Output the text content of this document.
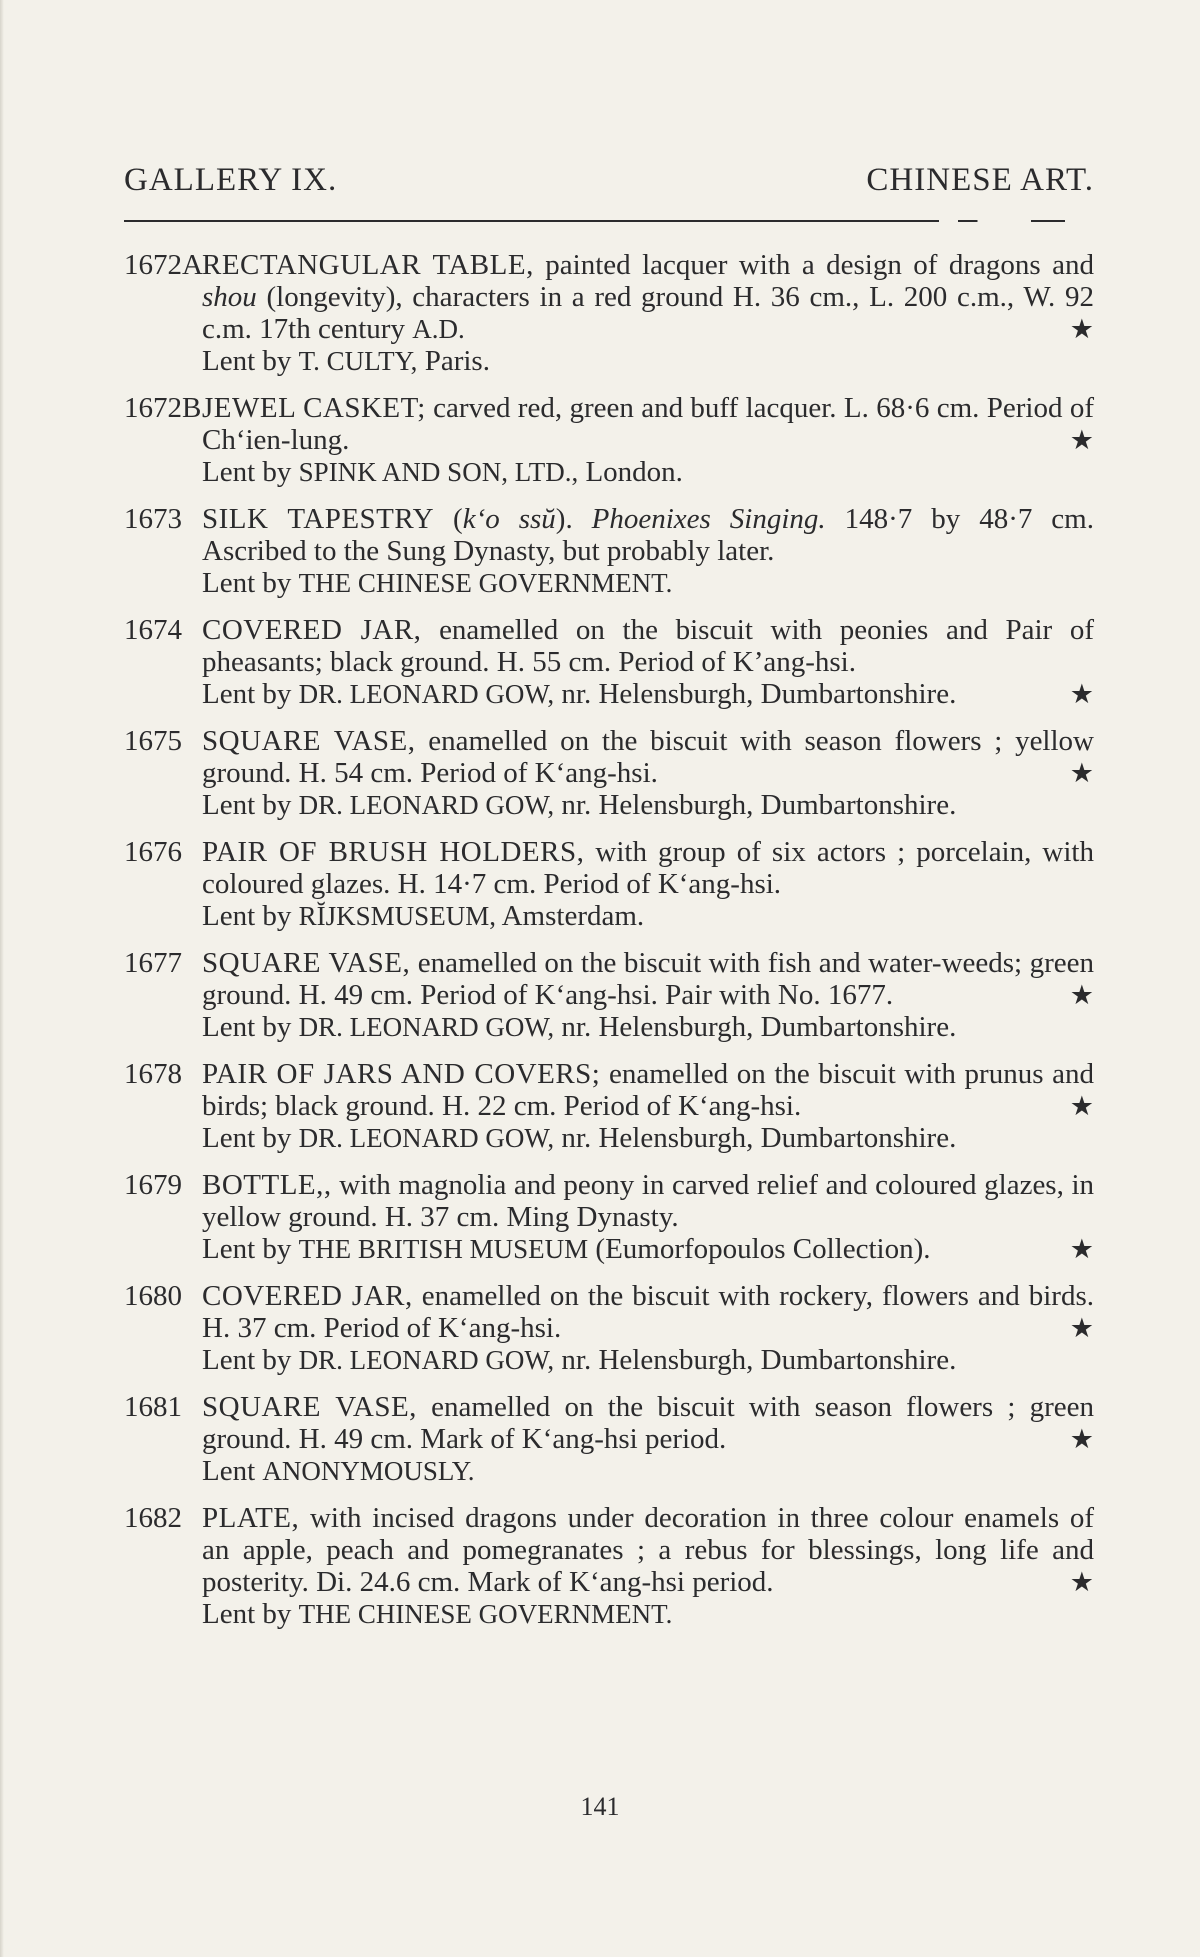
GALLERY IX.	CHINESE ART.
1672A RECTANGULAR TABLE, painted lacquer with a design of dragons and shou (longevity), characters in a red ground H. 36 cm., L. 200 c.m., W. 92 c.m. 17th century A.D.	★
Lent by T. CULTY, Paris.
1672B JEWEL CASKET; carved red, green and buff lacquer. L. 68·6 cm. Period of Ch‘ien-lung.	★
Lent by SPINK AND SON, LTD., London.
1673 SILK TAPESTRY (k‘o ssŭ). Phoenixes Singing. 148·7 by 48·7 cm. Ascribed to the Sung Dynasty, but probably later.
Lent by THE CHINESE GOVERNMENT.
1674 COVERED JAR, enamelled on the biscuit with peonies and Pair of pheasants; black ground. H. 55 cm. Period of K’ang-hsi.
Lent by DR. LEONARD GOW, nr. Helensburgh, Dumbartonshire.	★
1675 SQUARE VASE, enamelled on the biscuit with season flowers ; yellow ground. H. 54 cm. Period of K‘ang-hsi.	★
Lent by DR. LEONARD GOW, nr. Helensburgh, Dumbartonshire.
1676 PAIR OF BRUSH HOLDERS, with group of six actors ; porcelain, with coloured glazes. H. 14·7 cm. Period of K‘ang-hsi.
Lent by RĬJKSMUSEUM, Amsterdam.
1677 SQUARE VASE, enamelled on the biscuit with fish and water-weeds; green ground. H. 49 cm. Period of K‘ang-hsi. Pair with No. 1677.	★
Lent by DR. LEONARD GOW, nr. Helensburgh, Dumbartonshire.
1678 PAIR OF JARS AND COVERS; enamelled on the biscuit with prunus and birds; black ground. H. 22 cm. Period of K‘ang-hsi.	★
Lent by DR. LEONARD GOW, nr. Helensburgh, Dumbartonshire.
1679 BOTTLE,, with magnolia and peony in carved relief and coloured glazes, in yellow ground. H. 37 cm. Ming Dynasty.
Lent by THE BRITISH MUSEUM (Eumorfopoulos Collection).	★
1680 COVERED JAR, enamelled on the biscuit with rockery, flowers and birds. H. 37 cm. Period of K‘ang-hsi.	★
Lent by DR. LEONARD GOW, nr. Helensburgh, Dumbartonshire.
1681 SQUARE VASE, enamelled on the biscuit with season flowers ; green ground. H. 49 cm. Mark of K‘ang-hsi period.	★
Lent ANONYMOUSLY.
1682 PLATE, with incised dragons under decoration in three colour enamels of an apple, peach and pomegranates ; a rebus for blessings, long life and posterity. Di. 24.6 cm. Mark of K‘ang-hsi period.	★
Lent by THE CHINESE GOVERNMENT.
141
